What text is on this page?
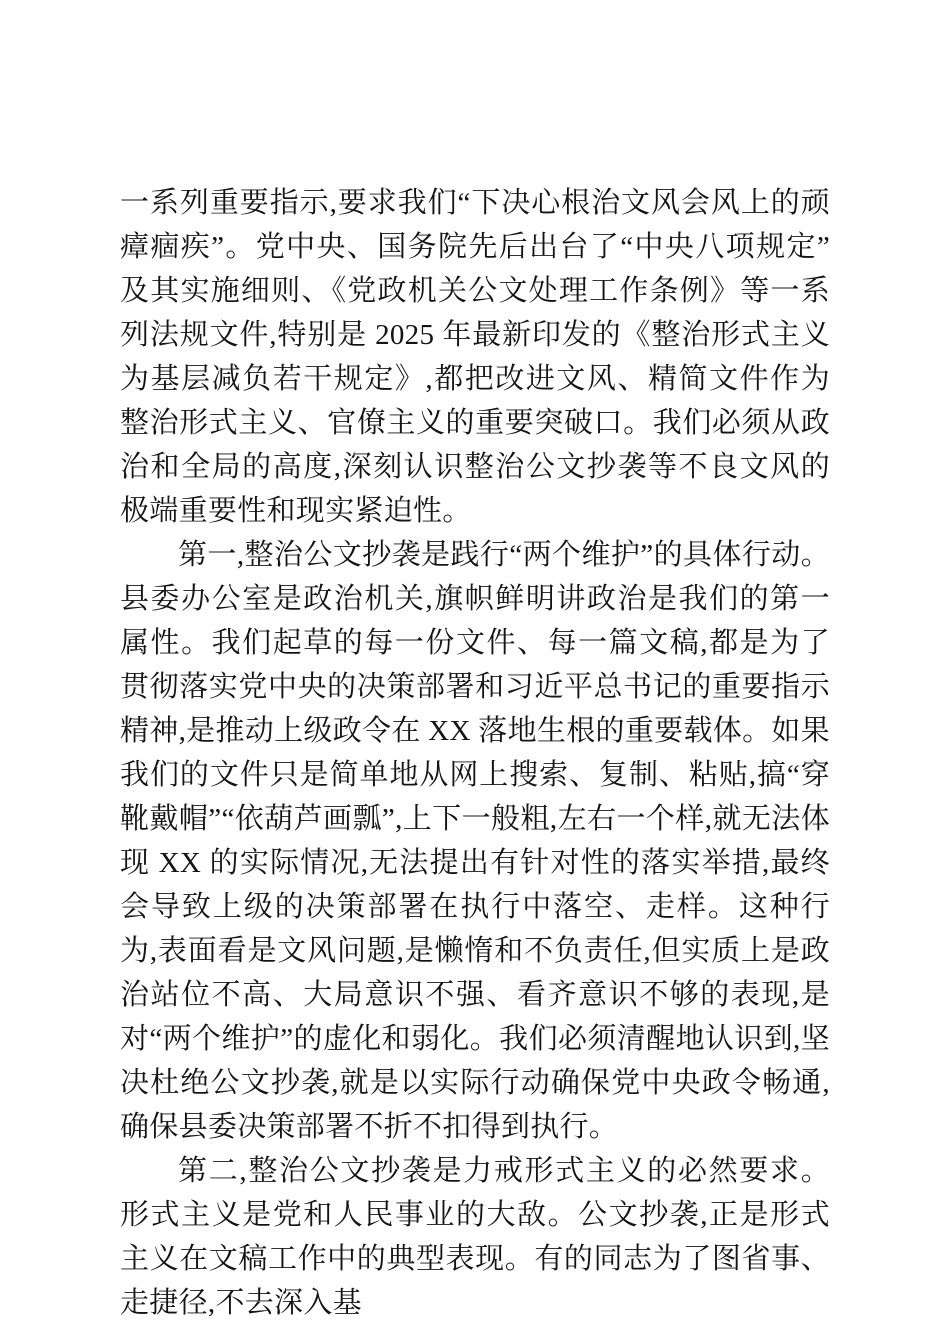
一系列重要指示,要求我们“下决心根治文风会风上的顽瘴痼疾”。党中央、国务院先后出台了“中央八项规定”及其实施细则、《党政机关公文处理工作条例》等一系列法规文件,特别是 2025 年最新印发的《整治形式主义为基层减负若干规定》,都把改进文风、精简文件作为整治形式主义、官僚主义的重要突破口。我们必须从政治和全局的高度,深刻认识整治公文抄袭等不良文风的极端重要性和现实紧迫性。

第一,整治公文抄袭是践行“两个维护”的具体行动。县委办公室是政治机关,旗帜鲜明讲政治是我们的第一属性。我们起草的每一份文件、每一篇文稿,都是为了贯彻落实党中央的决策部署和习近平总书记的重要指示精神,是推动上级政令在 XX 落地生根的重要载体。如果我们的文件只是简单地从网上搜索、复制、粘贴,搞“穿靴戴帽”“依葫芦画瓢”,上下一般粗,左右一个样,就无法体现 XX 的实际情况,无法提出有针对性的落实举措,最终会导致上级的决策部署在执行中落空、走样。这种行为,表面看是文风问题,是懒惰和不负责任,但实质上是政治站位不高、大局意识不强、看齐意识不够的表现,是对“两个维护”的虚化和弱化。我们必须清醒地认识到,坚决杜绝公文抄袭,就是以实际行动确保党中央政令畅通,确保县委决策部署不折不扣得到执行。

第二,整治公文抄袭是力戒形式主义的必然要求。形式主义是党和人民事业的大敌。公文抄袭,正是形式主义在文稿工作中的典型表现。有的同志为了图省事、走捷径,不去深入基
